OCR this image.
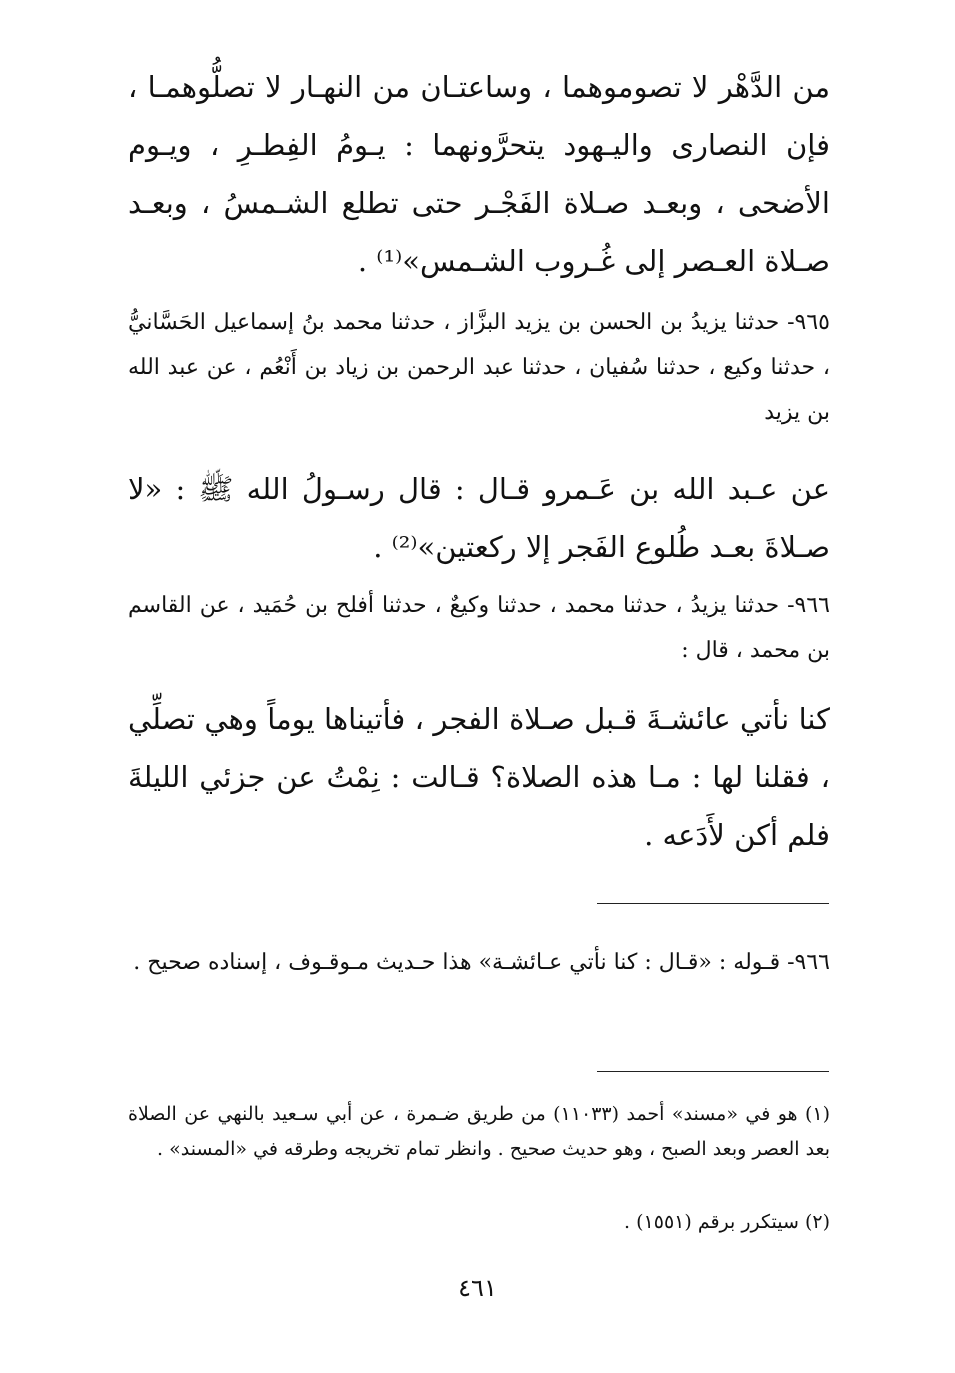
من الدَّهْر لا تصوموهما ، وساعتـان من النهـار لا تصلُّوهمـا ، فإن النصارى واليـهود يتحرَّونهما : يـومُ الفِطـرِ ، ويـوم الأضحى ، وبعـد صـلاة الفَجْـر حتى تطلع الشـمسُ ، وبعـد صـلاة العـصر إلى غُـروب الشـمس»⁽¹⁾ .
٩٦٥- حدثنا يزيدُ بن الحسن بن يزيد البزَّاز ، حدثنا محمد بنُ إسماعيل الحَسَّانيُّ ، حدثنا وكيع ، حدثنا سُفيان ، حدثنا عبد الرحمن بن زياد بن أَنْعُم ، عن عبد الله بن يزيد
عن عـبد الله بن عَـمرو قـال : قال رسـولُ الله ﷺ : «لا صـلاةَ بعـد طُلوع الفَجر إلا ركعتين»⁽²⁾ .
٩٦٦- حدثنا يزيدُ ، حدثنا محمد ، حدثنا وكيعٌ ، حدثنا أفلح بن حُمَيد ، عن القاسم بن محمد ، قال :
كنا نأتي عائشـةَ قـبل صـلاة الفجر ، فأتيناها يوماً وهي تصلِّي ، فقلنا لها : مـا هذه الصلاة؟ قـالت : نِمْتُ عن جزئي الليلةَ فلم أكن لأَدَعه .
٩٦٦- قـوله : «قـال : كنا نأتي عـائشـة» هذا حـديث مـوقـوف ، إسناده صحيح .
(١) هو في «مسند» أحمد (١١٠٣٣) من طريق ضـمرة ، عن أبي سـعيد بالنهي عن الصلاة بعد العصر وبعد الصبح ، وهو حديث صحيح . وانظر تمام تخريجه وطرقه في «المسند» .
(٢) سيتكرر برقم (١٥٥١) .
٤٦١
